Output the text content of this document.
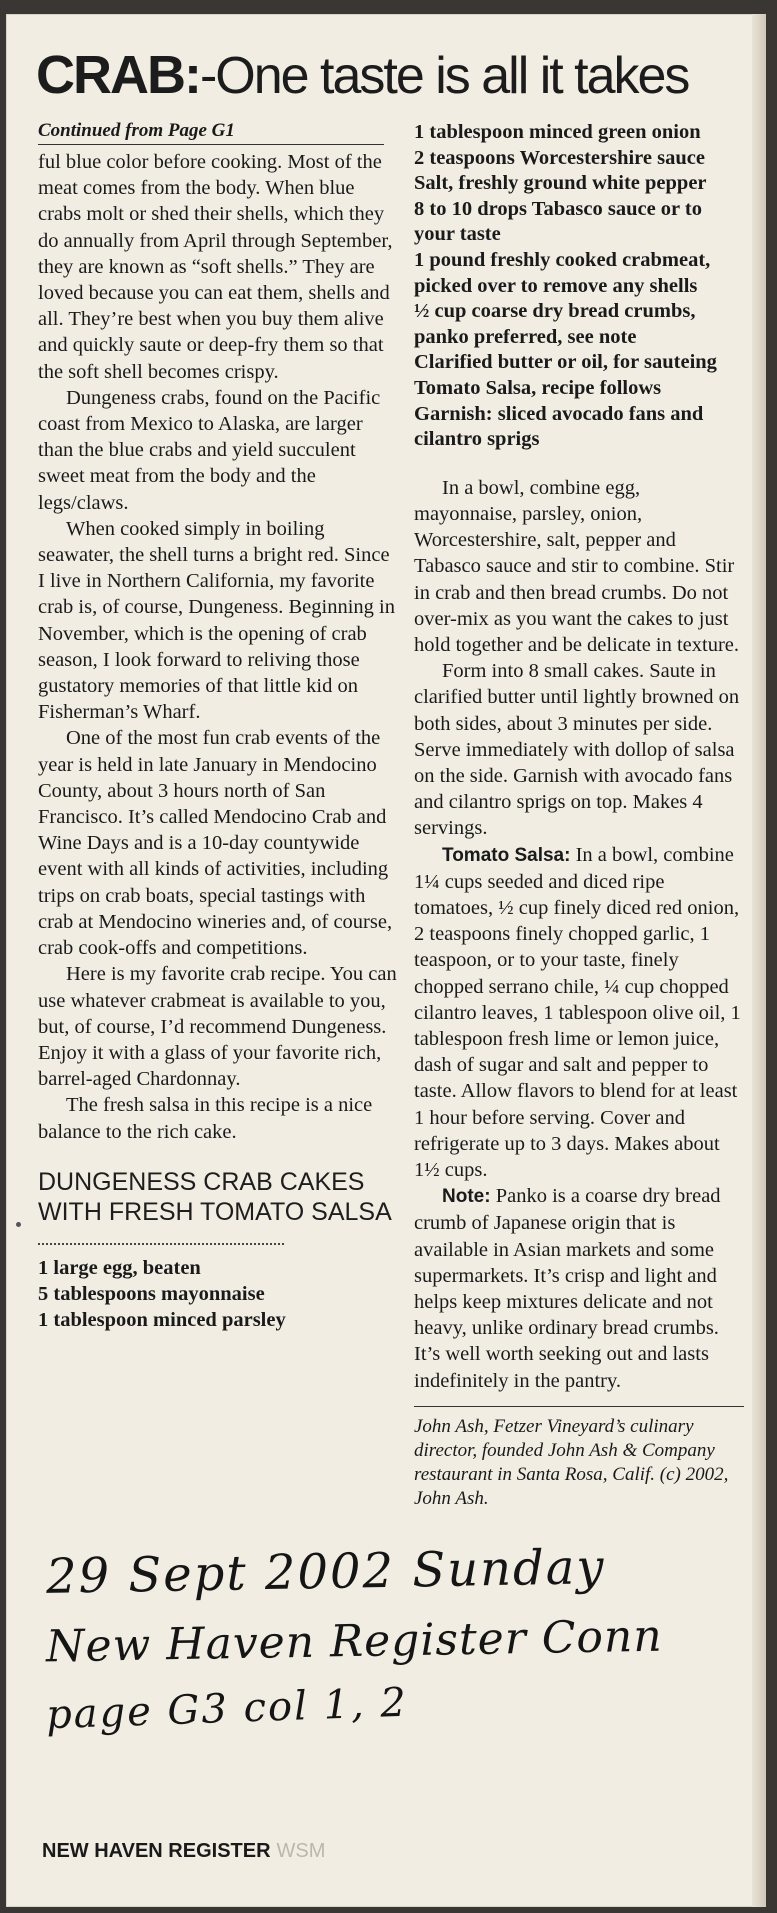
CRAB:-One taste is all it takes
Continued from Page G1

ful blue color before cooking. Most of the meat comes from the body. When blue crabs molt or shed their shells, which they do annually from April through September, they are known as “soft shells.” They are loved because you can eat them, shells and all. They’re best when you buy them alive and quickly saute or deep-fry them so that the soft shell becomes crispy.

Dungeness crabs, found on the Pacific coast from Mexico to Alaska, are larger than the blue crabs and yield succulent sweet meat from the body and the legs/claws.

When cooked simply in boiling seawater, the shell turns a bright red. Since I live in Northern California, my favorite crab is, of course, Dungeness. Beginning in November, which is the opening of crab season, I look forward to reliving those gustatory memories of that little kid on Fisherman’s Wharf.

One of the most fun crab events of the year is held in late January in Mendocino County, about 3 hours north of San Francisco. It’s called Mendocino Crab and Wine Days and is a 10-day countywide event with all kinds of activities, including trips on crab boats, special tastings with crab at Mendocino wineries and, of course, crab cook-offs and competitions.

Here is my favorite crab recipe. You can use whatever crabmeat is available to you, but, of course, I’d recommend Dungeness. Enjoy it with a glass of your favorite rich, barrel-aged Chardonnay.

The fresh salsa in this recipe is a nice balance to the rich cake.

DUNGENESS CRAB CAKES WITH FRESH TOMATO SALSA

1 large egg, beaten

5 tablespoons mayonnaise

1 tablespoon minced parsley

1 tablespoon minced green onion

2 teaspoons Worcestershire sauce

Salt, freshly ground white pepper

8 to 10 drops Tabasco sauce or to your taste

1 pound freshly cooked crabmeat, picked over to remove any shells

½ cup coarse dry bread crumbs, panko preferred, see note

Clarified butter or oil, for sauteing

Tomato Salsa, recipe follows

Garnish: sliced avocado fans and cilantro sprigs

In a bowl, combine egg, mayonnaise, parsley, onion, Worcestershire, salt, pepper and Tabasco sauce and stir to combine. Stir in crab and then bread crumbs. Do not over-mix as you want the cakes to just hold together and be delicate in texture.

Form into 8 small cakes. Saute in clarified butter until lightly browned on both sides, about 3 minutes per side. Serve immediately with dollop of salsa on the side. Garnish with avocado fans and cilantro sprigs on top. Makes 4 servings.

Tomato Salsa: In a bowl, combine 1¼ cups seeded and diced ripe tomatoes, ½ cup finely diced red onion, 2 teaspoons finely chopped garlic, 1 teaspoon, or to your taste, finely chopped serrano chile, ¼ cup chopped cilantro leaves, 1 tablespoon olive oil, 1 tablespoon fresh lime or lemon juice, dash of sugar and salt and pepper to taste. Allow flavors to blend for at least 1 hour before serving. Cover and refrigerate up to 3 days. Makes about 1½ cups.

Note: Panko is a coarse dry bread crumb of Japanese origin that is available in Asian markets and some supermarkets. It’s crisp and light and helps keep mixtures delicate and not heavy, unlike ordinary bread crumbs. It’s well worth seeking out and lasts indefinitely in the pantry.

John Ash, Fetzer Vineyard’s culinary director, founded John Ash & Company restaurant in Santa Rosa, Calif. (c) 2002, John Ash.

29 Sept 2002 Sunday
New Haven Register Conn
page G3 col 1, 2
NEW HAVEN REGISTER WSM
